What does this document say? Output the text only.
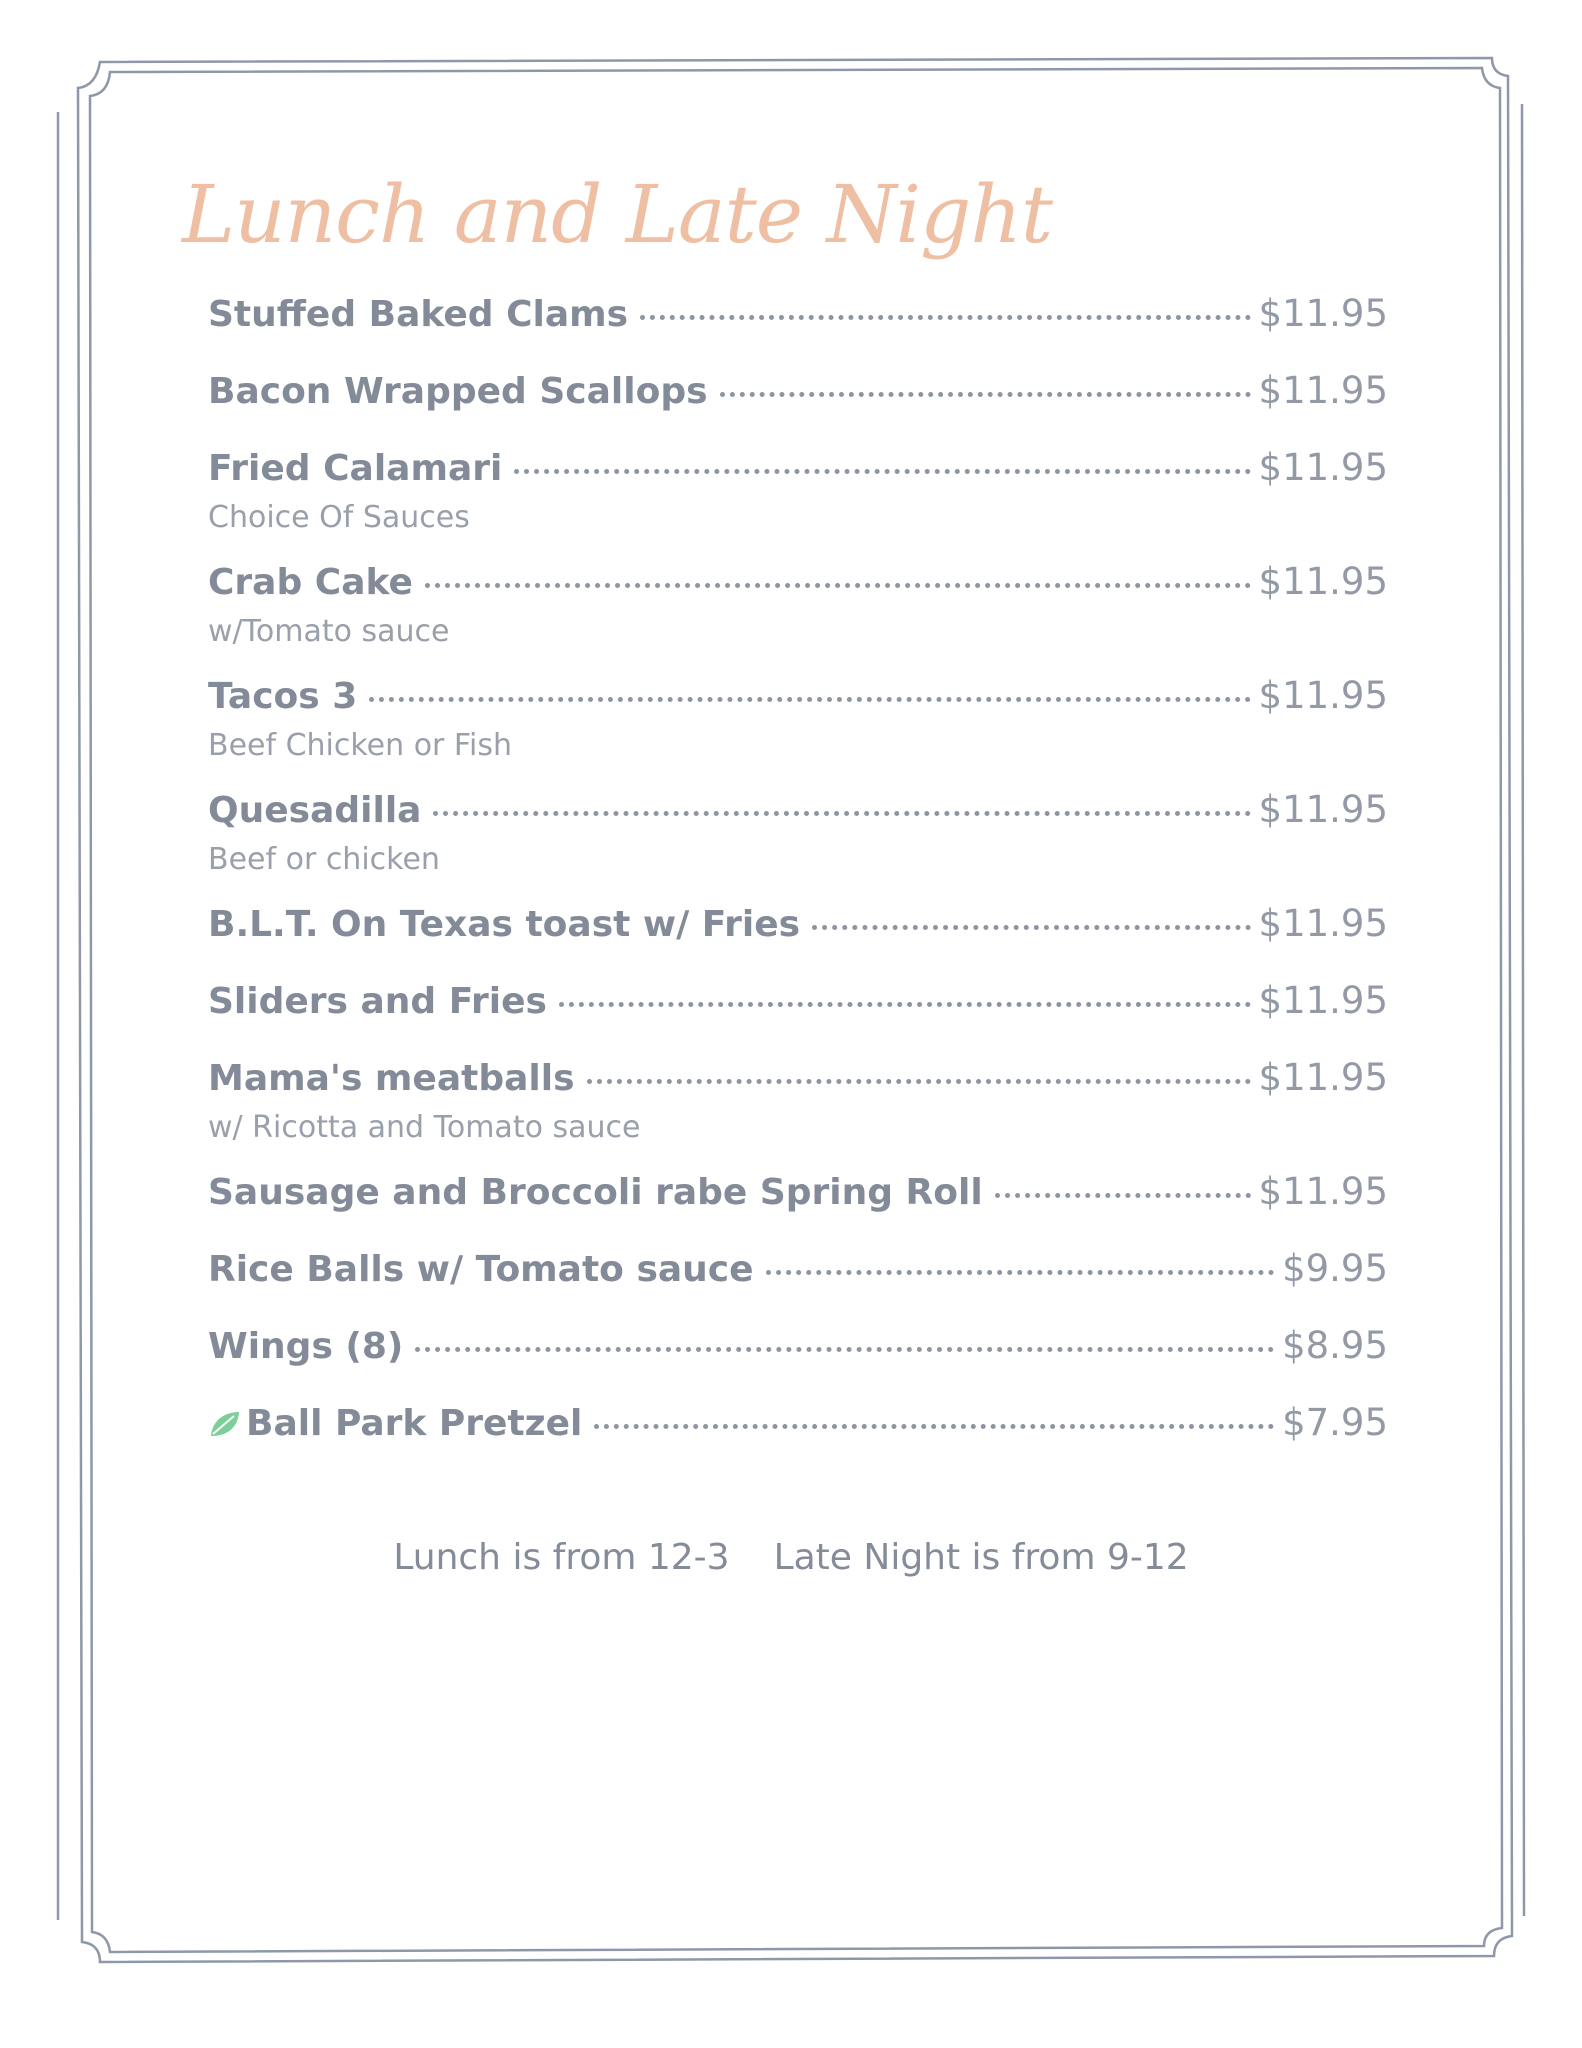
Lunch and Late Night
Stuffed Baked Clams	$11.95
Bacon Wrapped Scallops	$11.95
Fried Calamari	$11.95
Choice Of Sauces
Crab Cake	$11.95
w/Tomato sauce
Tacos 3	$11.95
Beef Chicken or Fish
Quesadilla	$11.95
Beef or chicken
B.L.T. On Texas toast w/ Fries	$11.95
Sliders and Fries	$11.95
Mama's meatballs	$11.95
w/ Ricotta and Tomato sauce
Sausage and Broccoli rabe Spring Roll	$11.95
Rice Balls w/ Tomato sauce	$9.95
Wings (8)	$8.95
Ball Park Pretzel	$7.95
Lunch is from 12-3 Late Night is from 9-12
